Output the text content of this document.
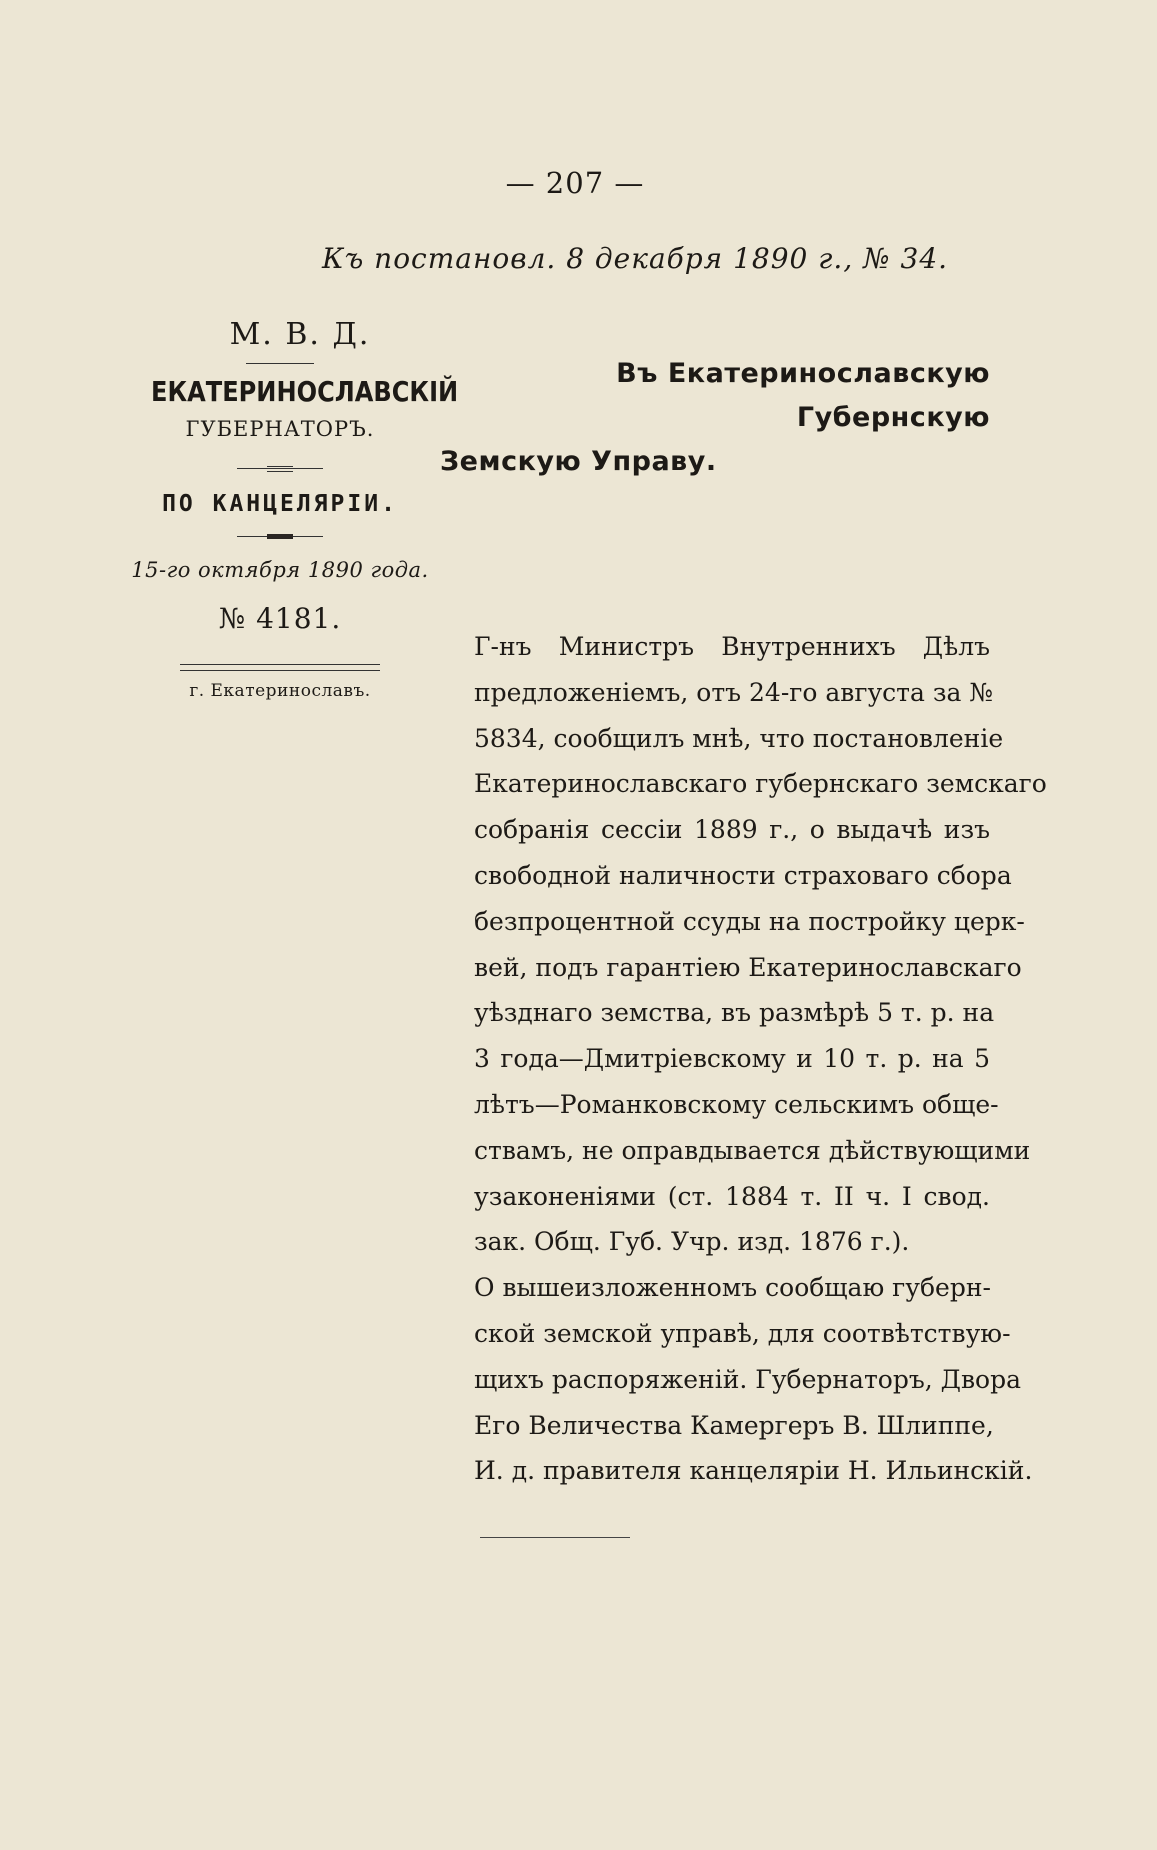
— 207 —
Къ постановл. 8 декабря 1890 г., № 34.
М. В. Д.
ЕКАТЕРИНОСЛАВСКІЙ
ГУБЕРНАТОРЪ.
ПО КАНЦЕЛЯРІИ.
15-го октября 1890 года.
№ 4181.
г. Екатеринославъ.
Въ Екатеринославскую Губернскую
Земскую Управу.

Г-нъ Министръ Внутреннихъ Дѣлъ
предложеніемъ, отъ 24-го августа за №
5834, сообщилъ мнѣ, что постановленіе
Екатеринославскаго губернскаго земскаго
собранія сессіи 1889 г., о выдачѣ изъ
свободной наличности страховаго сбора
безпроцентной ссуды на постройку церк-
вей, подъ гарантіею Екатеринославскаго
уѣзднаго земства, въ размѣрѣ 5 т. р. на
3 года—Дмитріевскому и 10 т. р. на 5
лѣтъ—Романковскому сельскимъ обще-
ствамъ, не оправдывается дѣйствующими
узаконеніями (ст. 1884 т. II ч. I свод.
зак. Общ. Губ. Учр. изд. 1876 г.).

О вышеизложенномъ сообщаю губерн-
ской земской управѣ, для соотвѣтствую-
щихъ распоряженій. Губернаторъ, Двора
Его Величества Камергеръ В. Шлиппе,
И. д. правителя канцеляріи Н. Ильинскій.
